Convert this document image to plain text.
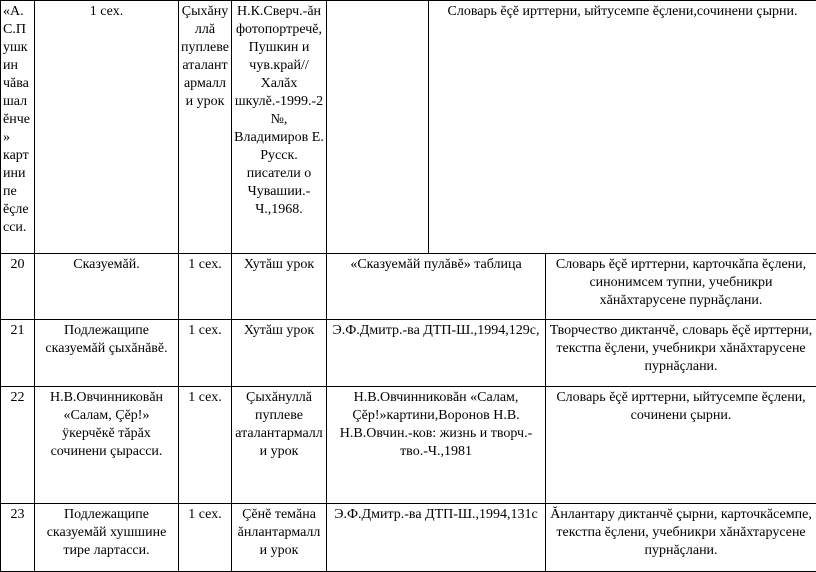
«А. С.Пушкин чăвашалĕнче» картинипе ĕçлесси.	1 сех.	Çыхăнуллă пуплеве аталантармалли урок	Н.К.Сверч.-ăн фотопортречĕ, Пушкин и чув.край//Халăх шкулĕ.-1999.-2№, Владимиров Е. Русск. писатели о Чувашии.-Ч.,1968.		Словарь ĕçĕ ирттерни, ыйтусемпе ĕçлени,сочинени çырни.	
20	Сказуемăй.	1 сех.	Хутăш урок	«Сказуемăй пулăвĕ» таблица		Словарь ĕçĕ ирттерни, карточкăпа ĕçлени, синонимсем тупни, учебникри хăнăхтарусене пурнăçлани.
21	Подлежащипе сказуемăй çыхăнăвĕ.	1 сех.	Хутăш урок	Э.Ф.Дмитр.-ва ДТП-Ш.,1994,129с,		Творчество диктанчĕ, словарь ĕçĕ ирттерни, текстпа ĕçлени, учебникри хăнăхтарусене пурнăçлани.
22	Н.В.Овчинниковăн «Салам, Çĕр!» ÿкерчĕкĕ тăрăх сочинени çырасси.	1 сех.	Çыхăнуллă пуплеве аталантармалли урок	Н.В.Овчинниковăн «Салам, Çĕр!»картини,Воронов Н.В. Н.В.Овчин.-ков: жизнь и творч.-тво.-Ч.,1981		Словарь ĕçĕ ирттерни, ыйтусемпе ĕçлени, сочинени çырни.
23	Подлежащипе сказуемăй хушшине тире лартасси.	1 сех.	Çĕнĕ темăна ăнлантармалли урок	Э.Ф.Дмитр.-ва ДТП-Ш.,1994,131с		Ăнлантару диктанчĕ çырни, карточкăсемпе, текстпа ĕçлени, учебникри хăнăхтарусене пурнăçлани.
